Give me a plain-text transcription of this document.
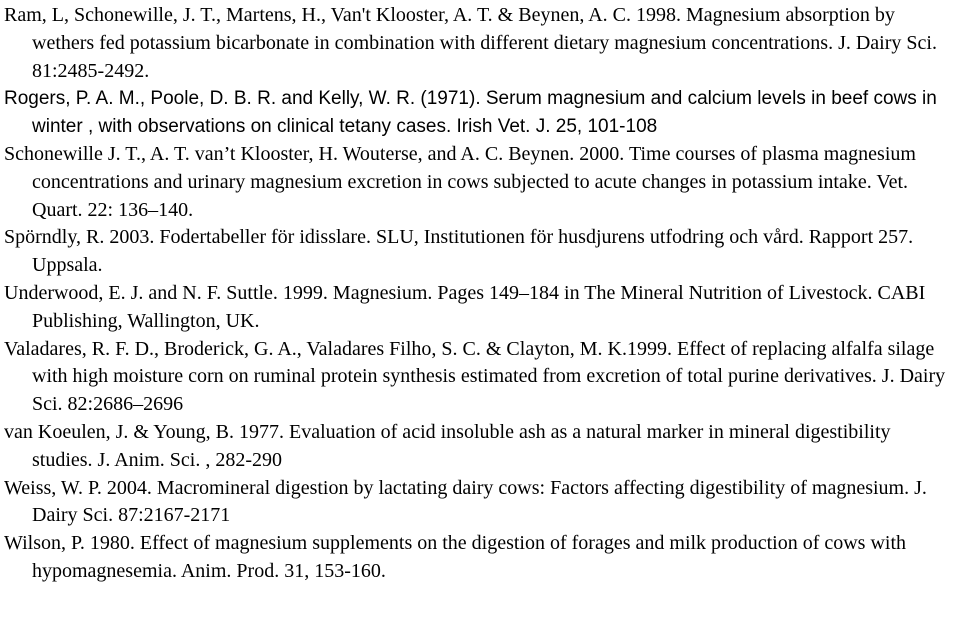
Ram, L, Schonewille, J. T., Martens, H., Van't Klooster, A. T. & Beynen, A. C. 1998. Magnesium absorption by wethers fed potassium bicarbonate in combination with different dietary magnesium concentrations. J. Dairy Sci. 81:2485-2492.

Rogers, P. A. M., Poole, D. B. R. and Kelly, W. R. (1971). Serum magnesium and calcium levels in beef cows in winter , with observations on clinical tetany cases. Irish Vet. J. 25, 101-108

Schonewille J. T., A. T. van’t Klooster, H. Wouterse, and A. C. Beynen. 2000. Time courses of plasma magnesium concentrations and urinary magnesium excretion in cows subjected to acute changes in potassium intake. Vet. Quart. 22: 136–140.

Spörndly, R. 2003. Fodertabeller för idisslare. SLU, Institutionen för husdjurens utfodring och vård. Rapport 257. Uppsala.

Underwood, E. J. and N. F. Suttle. 1999. Magnesium. Pages 149–184 in The Mineral Nutrition of Livestock. CABI Publishing, Wallington, UK.

Valadares, R. F. D., Broderick, G. A., Valadares Filho, S. C. & Clayton, M. K.1999. Effect of replacing alfalfa silage with high moisture corn on ruminal protein synthesis estimated from excretion of total purine derivatives. J. Dairy Sci. 82:2686–2696

van Koeulen, J. & Young, B. 1977. Evaluation of acid insoluble ash as a natural marker in mineral digestibility studies. J. Anim. Sci. , 282-290

Weiss, W. P. 2004. Macromineral digestion by lactating dairy cows: Factors affecting digestibility of magnesium. J. Dairy Sci. 87:2167-2171

Wilson, P. 1980. Effect of magnesium supplements on the digestion of forages and milk production of cows with hypomagnesemia. Anim. Prod. 31, 153-160.
